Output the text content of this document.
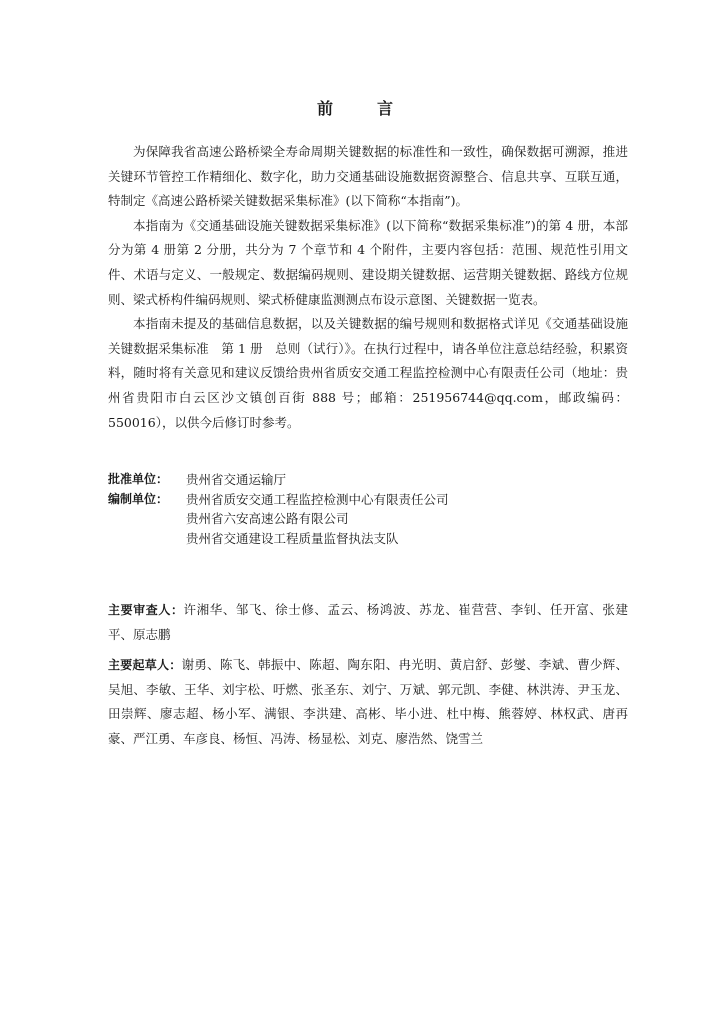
前　言

为保障我省高速公路桥梁全寿命周期关键数据的标准性和一致性，确保数据可溯源，推进关键环节管控工作精细化、数字化，助力交通基础设施数据资源整合、信息共享、互联互通，特制定《高速公路桥梁关键数据采集标准》(以下简称“本指南”)。

本指南为《交通基础设施关键数据采集标准》(以下简称“数据采集标准”)的第 4 册，本部分为第 4 册第 2 分册，共分为 7 个章节和 4 个附件，主要内容包括：范围、规范性引用文件、术语与定义、一般规定、数据编码规则、建设期关键数据、运营期关键数据、路线方位规则、梁式桥构件编码规则、梁式桥健康监测测点布设示意图、关键数据一览表。

本指南未提及的基础信息数据，以及关键数据的编号规则和数据格式详见《交通基础设施关键数据采集标准　第 1 册　总则（试行）》。在执行过程中，请各单位注意总结经验，积累资料，随时将有关意见和建议反馈给贵州省质安交通工程监控检测中心有限责任公司（地址：贵州省贵阳市白云区沙文镇创百街 888 号；邮箱：251956744@qq.com，邮政编码：550016），以供今后修订时参考。

批准单位：	贵州省交通运输厅
编制单位：	贵州省质安交通工程监控检测中心有限责任公司
贵州省六安高速公路有限公司
贵州省交通建设工程质量监督执法支队

主要审查人：许湘华、邹飞、徐士修、孟云、杨鸿波、苏龙、崔营营、李钊、任开富、张建平、原志鹏

主要起草人：谢勇、陈飞、韩振中、陈超、陶东阳、冉光明、黄启舒、彭燮、李斌、曹少辉、吴旭、李敏、王华、刘宇松、吁燃、张圣东、刘宁、万斌、郭元凯、李健、林洪涛、尹玉龙、田崇辉、廖志超、杨小军、满银、李洪建、高彬、毕小进、杜中梅、熊蓉婷、林权武、唐再豪、严江勇、车彦良、杨恒、冯涛、杨显松、刘克、廖浩然、饶雪兰
